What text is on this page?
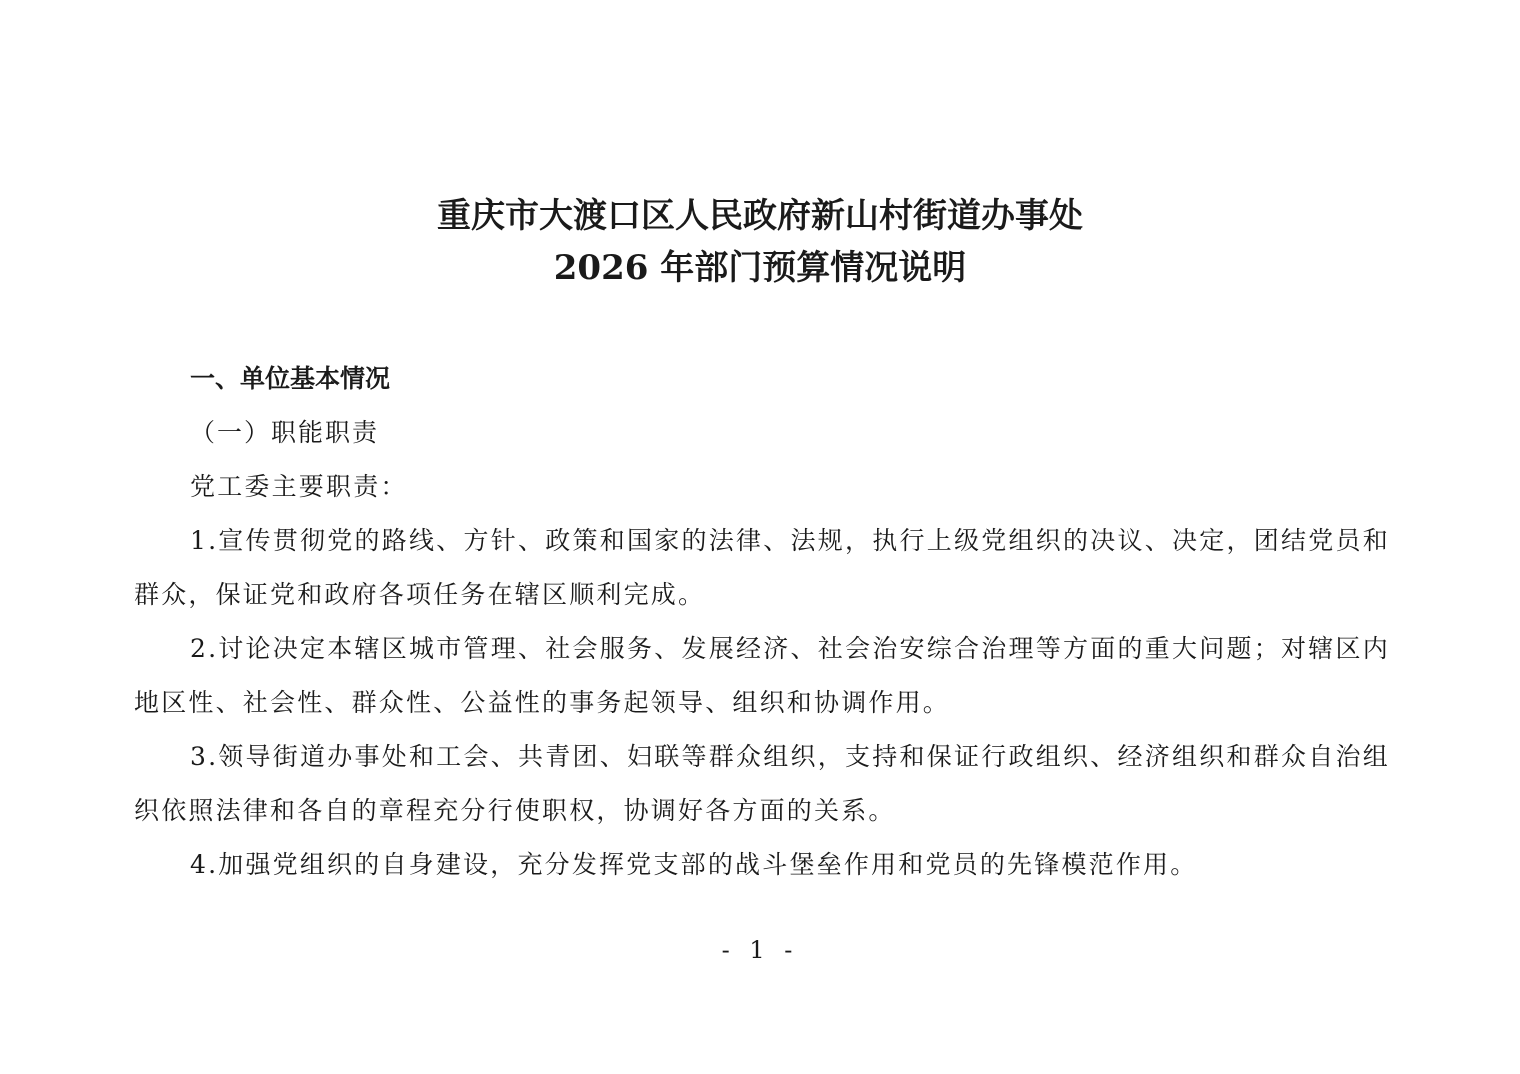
重庆市大渡口区人民政府新山村街道办事处
2026 年部门预算情况说明
一、单位基本情况
（一）职能职责
党工委主要职责：
1.宣传贯彻党的路线、方针、政策和国家的法律、法规，执行上级党组织的决议、决定，团结党员和群众，保证党和政府各项任务在辖区顺利完成。
2.讨论决定本辖区城市管理、社会服务、发展经济、社会治安综合治理等方面的重大问题；对辖区内地区性、社会性、群众性、公益性的事务起领导、组织和协调作用。
3.领导街道办事处和工会、共青团、妇联等群众组织，支持和保证行政组织、经济组织和群众自治组织依照法律和各自的章程充分行使职权，协调好各方面的关系。
4.加强党组织的自身建设，充分发挥党支部的战斗堡垒作用和党员的先锋模范作用。
- 1 -
